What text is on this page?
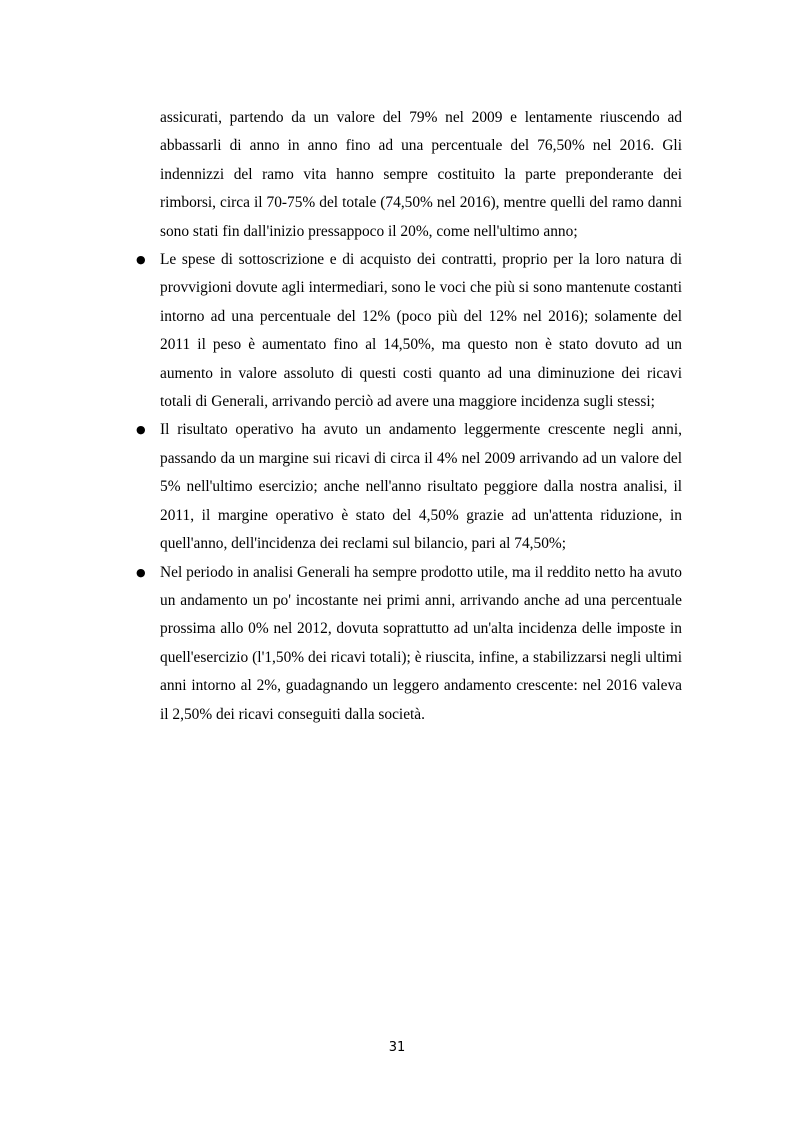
assicurati, partendo da un valore del 79% nel 2009 e lentamente riuscendo ad abbassarli di anno in anno fino ad una percentuale del 76,50% nel 2016. Gli indennizzi del ramo vita hanno sempre costituito la parte preponderante dei rimborsi, circa il 70-75% del totale (74,50% nel 2016), mentre quelli del ramo danni sono stati fin dall'inizio pressappoco il 20%, come nell'ultimo anno;

● Le spese di sottoscrizione e di acquisto dei contratti, proprio per la loro natura di provvigioni dovute agli intermediari, sono le voci che più si sono mantenute costanti intorno ad una percentuale del 12% (poco più del 12% nel 2016); solamente del 2011 il peso è aumentato fino al 14,50%, ma questo non è stato dovuto ad un aumento in valore assoluto di questi costi quanto ad una diminuzione dei ricavi totali di Generali, arrivando perciò ad avere una maggiore incidenza sugli stessi;
● Il risultato operativo ha avuto un andamento leggermente crescente negli anni, passando da un margine sui ricavi di circa il 4% nel 2009 arrivando ad un valore del 5% nell'ultimo esercizio; anche nell'anno risultato peggiore dalla nostra analisi, il 2011, il margine operativo è stato del 4,50% grazie ad un'attenta riduzione, in quell'anno, dell'incidenza dei reclami sul bilancio, pari al 74,50%;
● Nel periodo in analisi Generali ha sempre prodotto utile, ma il reddito netto ha avuto un andamento un po' incostante nei primi anni, arrivando anche ad una percentuale prossima allo 0% nel 2012, dovuta soprattutto ad un'alta incidenza delle imposte in quell'esercizio (l'1,50% dei ricavi totali); è riuscita, infine, a stabilizzarsi negli ultimi anni intorno al 2%, guadagnando un leggero andamento crescente: nel 2016 valeva il 2,50% dei ricavi conseguiti dalla società.
31
